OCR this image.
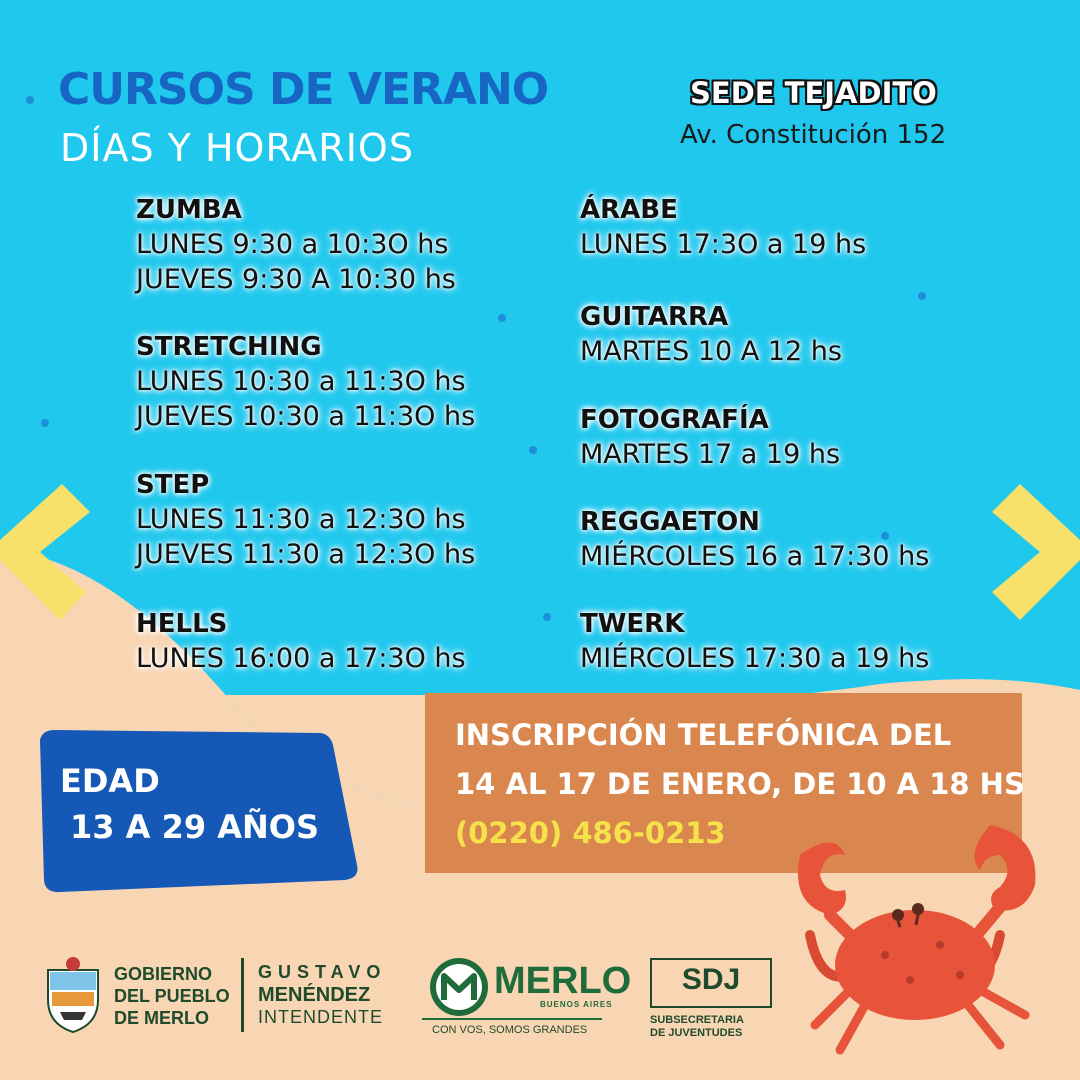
CURSOS DE VERANO
DÍAS Y HORARIOS
SEDE TEJADITO
Av. Constitución 152
ZUMBA
LUNES 9:30 a 10:3O hs
JUEVES 9:30 A 10:30 hs
STRETCHING
LUNES 10:30 a 11:3O hs
JUEVES 10:30 a 11:3O hs
STEP
LUNES 11:30 a 12:3O hs
JUEVES 11:30 a 12:3O hs
HELLS
LUNES 16:00 a 17:3O hs
ÁRABE
LUNES 17:3O a 19 hs
GUITARRA
MARTES 10 A 12 hs
FOTOGRAFÍA
MARTES 17 a 19 hs
REGGAETON
MIÉRCOLES 16 a 17:30 hs
TWERK
MIÉRCOLES 17:30 a 19 hs
EDAD
13 A 29 AÑOS
INSCRIPCIÓN TELEFÓNICA DEL
14 AL 17 DE ENERO, DE 10 A 18 HS
(0220) 486-0213
GOBIERNO
DEL PUEBLO
DE MERLO
GUSTAVO
MENÉNDEZ
INTENDENTE
MERLO
BUENOS AIRES
CON VOS, SOMOS GRANDES
SDJ
SUBSECRETARIA
DE JUVENTUDES
